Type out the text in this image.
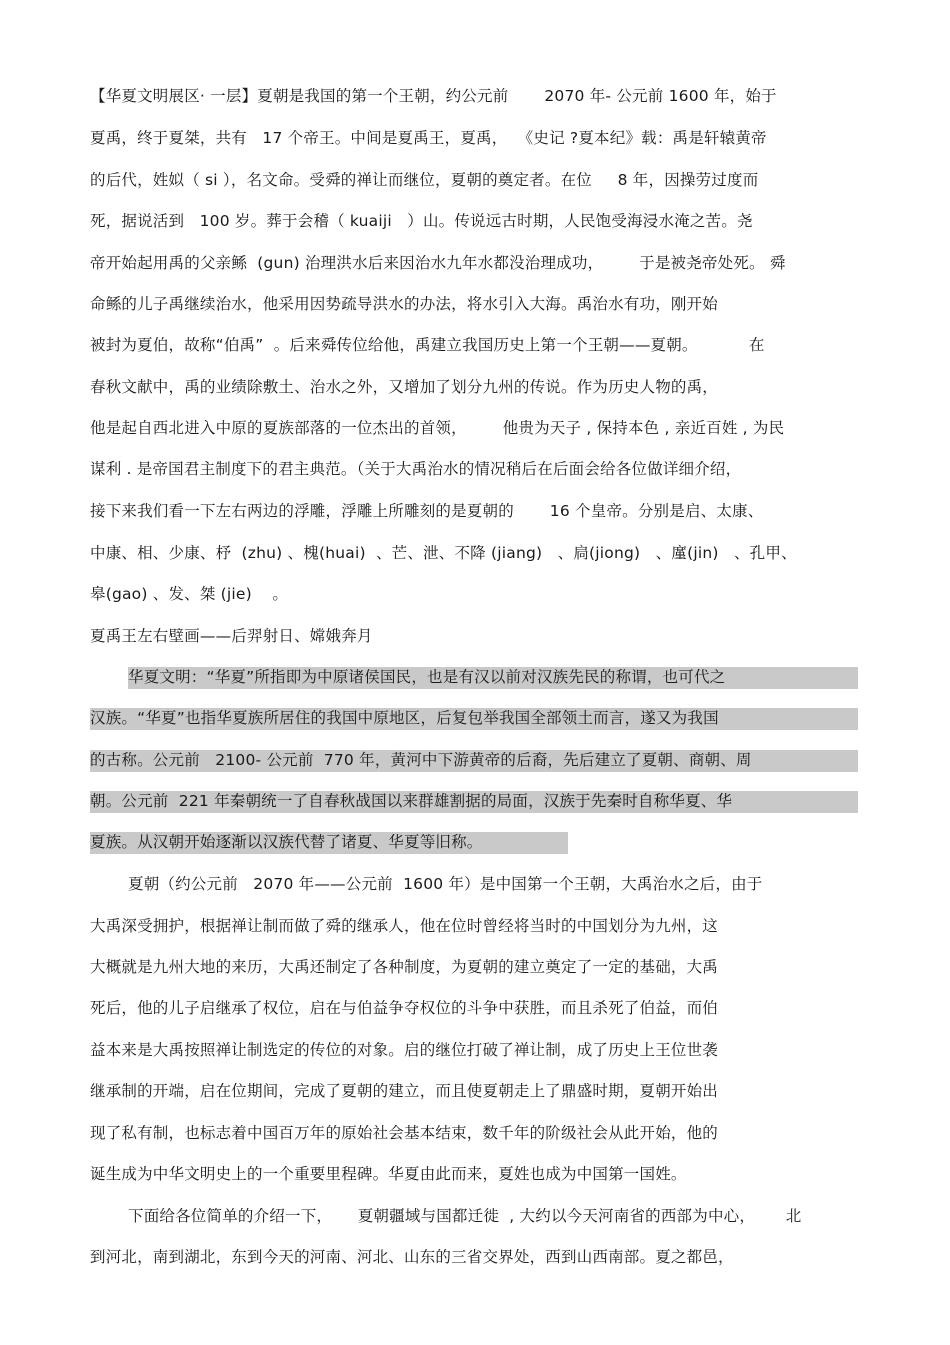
【华夏文明展区· 一层】夏朝是我国的第一个王朝，约公元前       2070 年- 公元前 1600 年，始于
夏禹，终于夏桀，共有   17 个帝王。中间是夏禹王，夏禹，  《史记 ?夏本纪》载：禹是轩辕黄帝
的后代，姓姒（ si ），名文命。受舜的禅让而继位，夏朝的奠定者。在位     8 年，因操劳过度而
死，据说活到   100 岁。葬于会稽（ kuaiji   ）山。传说远古时期，人民饱受海浸水淹之苦。尧
帝开始起用禹的父亲鲧  (gun) 治理洪水后来因治水九年水都没治理成功，       于是被尧帝处死。 舜
命鲧的儿子禹继续治水，他采用因势疏导洪水的办法，将水引入大海。禹治水有功，刚开始
被封为夏伯，故称“伯禹”  。后来舜传位给他，禹建立我国历史上第一个王朝——夏朝。          在
春秋文献中，禹的业绩除敷土、治水之外，又增加了划分九州的传说。作为历史人物的禹，
他是起自西北进入中原的夏族部落的一位杰出的首领，       他贵为天子 , 保持本色 , 亲近百姓 , 为民
谋利 . 是帝国君主制度下的君主典范。（关于大禹治水的情况稍后在后面会给各位做详细介绍，
接下来我们看一下左右两边的浮雕，浮雕上所雕刻的是夏朝的       16 个皇帝。分别是启、太康、
中康、相、少康、杼  (zhu) 、槐(huai)  、芒、泄、不降 (jiang)   、扃(jiong)   、廑(jin)   、孔甲、
皋(gao) 、发、桀 (jie)    。
夏禹王左右壁画——后羿射日、嫦娥奔月
华夏文明：“华夏”所指即为中原诸侯国民，也是有汉以前对汉族先民的称谓，也可代之
汉族。“华夏”也指华夏族所居住的我国中原地区，后复包举我国全部领土而言，遂又为我国
的古称。公元前   2100- 公元前  770 年，黄河中下游黄帝的后裔，先后建立了夏朝、商朝、周
朝。公元前  221 年秦朝统一了自春秋战国以来群雄割据的局面，汉族于先秦时自称华夏、华
夏族。从汉朝开始逐渐以汉族代替了诸夏、华夏等旧称。
夏朝（约公元前   2070 年——公元前  1600 年）是中国第一个王朝，大禹治水之后，由于
大禹深受拥护，根据禅让制而做了舜的继承人，他在位时曾经将当时的中国划分为九州，这
大概就是九州大地的来历，大禹还制定了各种制度，为夏朝的建立奠定了一定的基础，大禹
死后，他的儿子启继承了权位，启在与伯益争夺权位的斗争中获胜，而且杀死了伯益，而伯
益本来是大禹按照禅让制选定的传位的对象。启的继位打破了禅让制，成了历史上王位世袭
继承制的开端，启在位期间，完成了夏朝的建立，而且使夏朝走上了鼎盛时期，夏朝开始出
现了私有制，也标志着中国百万年的原始社会基本结束，数千年的阶级社会从此开始，他的
诞生成为中华文明史上的一个重要里程碑。华夏由此而来，夏姓也成为中国第一国姓。
下面给各位简单的介绍一下，     夏朝疆域与国都迁徙  , 大约以今天河南省的西部为中心，      北
到河北，南到湖北，东到今天的河南、河北、山东的三省交界处，西到山西南部。夏之都邑，
